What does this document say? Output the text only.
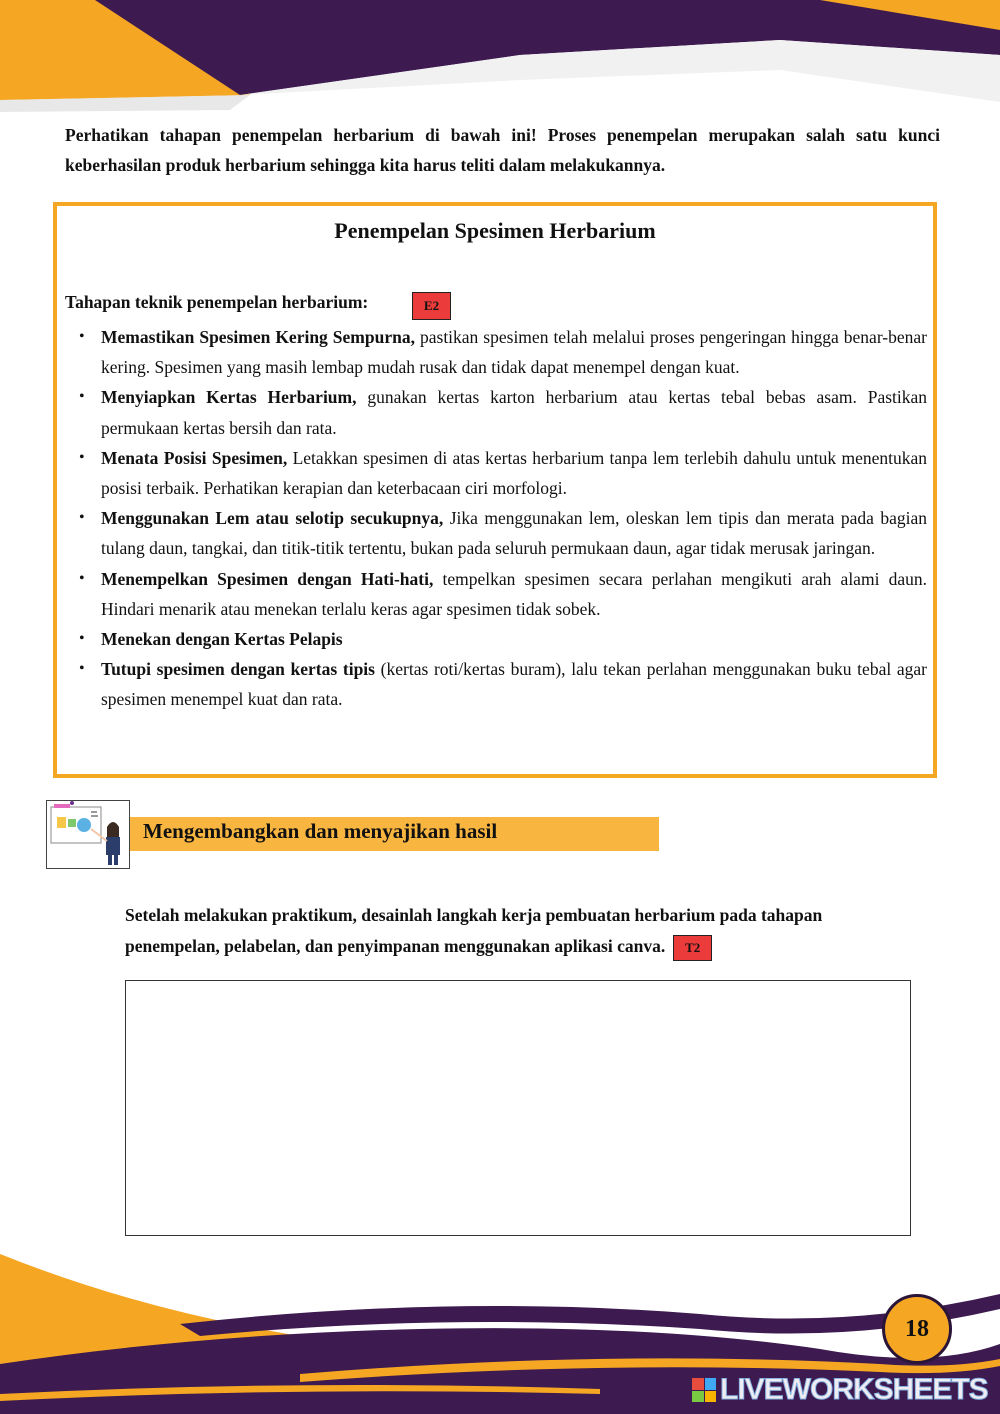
Perhatikan tahapan penempelan herbarium di bawah ini! Proses penempelan merupakan salah satu kunci keberhasilan produk herbarium sehingga kita harus teliti dalam melakukannya.
Penempelan Spesimen Herbarium
Tahapan teknik penempelan herbarium:	E2
• Memastikan Spesimen Kering Sempurna, pastikan spesimen telah melalui proses pengeringan hingga benar-benar kering. Spesimen yang masih lembap mudah rusak dan tidak dapat menempel dengan kuat.
• Menyiapkan Kertas Herbarium, gunakan kertas karton herbarium atau kertas tebal bebas asam. Pastikan permukaan kertas bersih dan rata.
• Menata Posisi Spesimen, Letakkan spesimen di atas kertas herbarium tanpa lem terlebih dahulu untuk menentukan posisi terbaik. Perhatikan kerapian dan keterbacaan ciri morfologi.
• Menggunakan Lem atau selotip secukupnya, Jika menggunakan lem, oleskan lem tipis dan merata pada bagian tulang daun, tangkai, dan titik-titik tertentu, bukan pada seluruh permukaan daun, agar tidak merusak jaringan.
• Menempelkan Spesimen dengan Hati-hati, tempelkan spesimen secara perlahan mengikuti arah alami daun. Hindari menarik atau menekan terlalu keras agar spesimen tidak sobek.
• Menekan dengan Kertas Pelapis
• Tutupi spesimen dengan kertas tipis (kertas roti/kertas buram), lalu tekan perlahan menggunakan buku tebal agar spesimen menempel kuat dan rata.
Mengembangkan dan menyajikan hasil
Setelah melakukan praktikum, desainlah langkah kerja pembuatan herbarium pada tahapan penempelan, pelabelan, dan penyimpanan menggunakan aplikasi canva. T2
18
LIVEWORKSHEETS
